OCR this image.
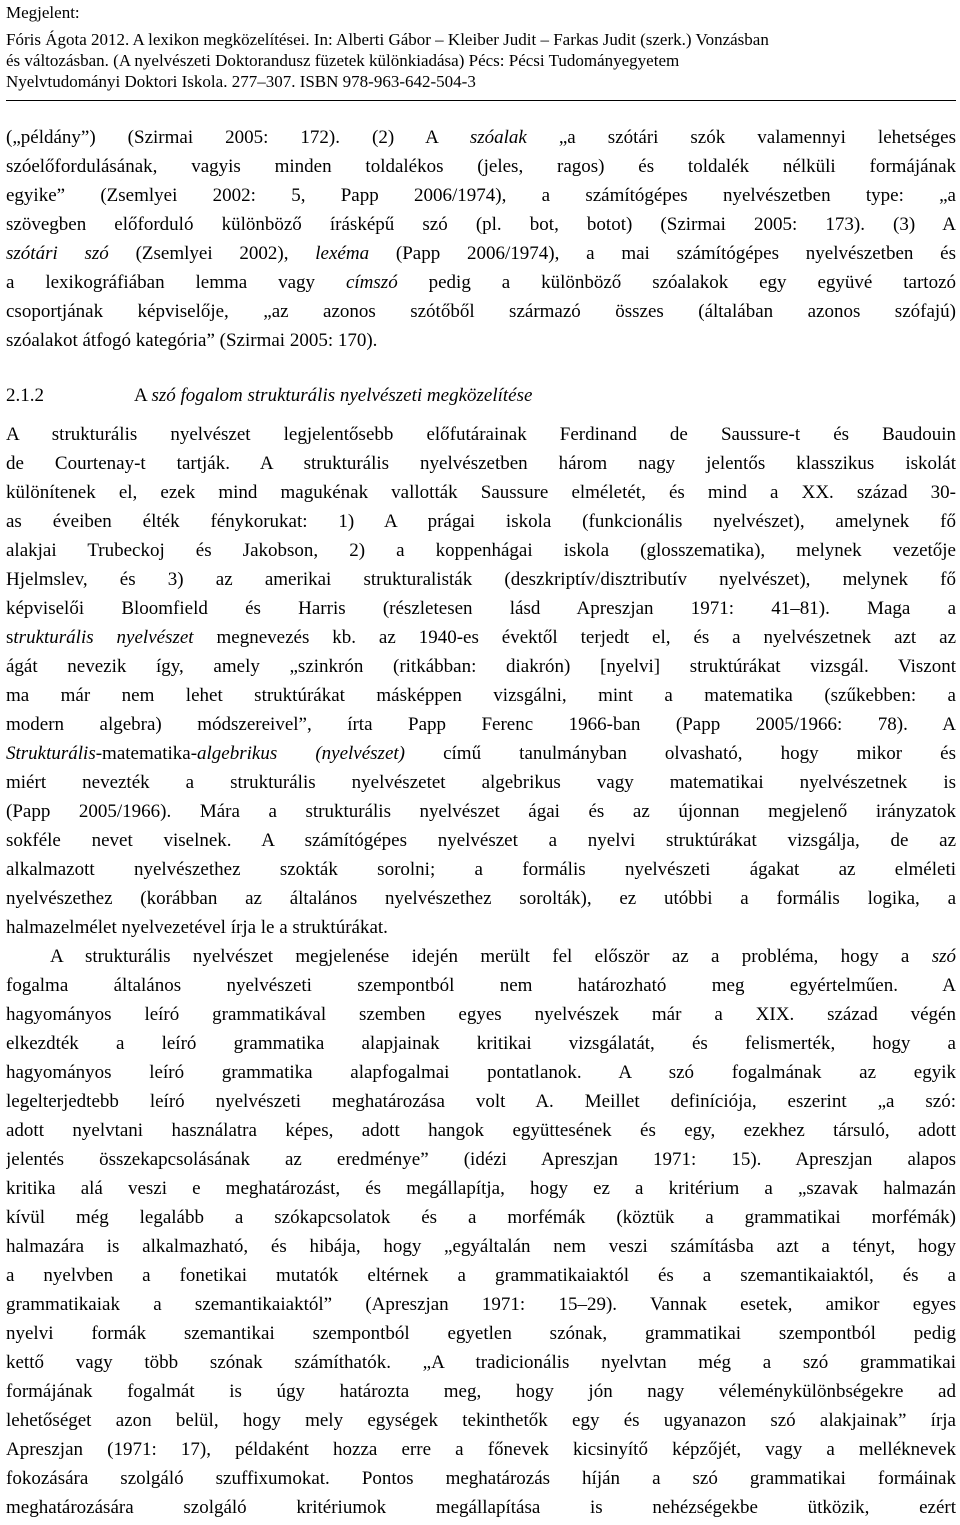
Megjelent:
Fóris Ágota 2012. A lexikon megközelítései. In: Alberti Gábor – Kleiber Judit – Farkas Judit (szerk.) Vonzásban
és változásban. (A nyelvészeti Doktorandusz füzetek különkiadása) Pécs: Pécsi Tudományegyetem
Nyelvtudományi Doktori Iskola. 277–307. ISBN 978-963-642-504-3
(„példány”) (Szirmai 2005: 172). (2) A szóalak „a szótári szók valamennyi lehetséges
szóelőfordulásának, vagyis minden toldalékos (jeles, ragos) és toldalék nélküli formájának
egyike” (Zsemlyei 2002: 5, Papp 2006/1974), a számítógépes nyelvészetben type: „a
szövegben előforduló különböző írásképű szó (pl. bot, botot) (Szirmai 2005: 173). (3) A
szótári szó (Zsemlyei 2002), lexéma (Papp 2006/1974), a mai számítógépes nyelvészetben és
a lexikográfiában lemma vagy címszó pedig a különböző szóalakok egy együvé tartozó
csoportjának képviselője, „az azonos szótőből származó összes (általában azonos szófajú)
szóalakot átfogó kategória” (Szirmai 2005: 170).
2.1.2	A szó fogalom strukturális nyelvészeti megközelítése
A strukturális nyelvészet legjelentősebb előfutárainak Ferdinand de Saussure-t és Baudouin
de Courtenay-t tartják. A strukturális nyelvészetben három nagy jelentős klasszikus iskolát
különítenek el, ezek mind magukénak vallották Saussure elméletét, és mind a XX. század 30-
as éveiben élték fénykorukat: 1) A prágai iskola (funkcionális nyelvészet), amelynek fő
alakjai Trubeckoj és Jakobson, 2) a koppenhágai iskola (glosszematika), melynek vezetője
Hjelmslev, és 3) az amerikai strukturalisták (deszkriptív/disztributív nyelvészet), melynek fő
képviselői Bloomfield és Harris (részletesen lásd Apreszjan 1971: 41–81). Maga a
strukturális nyelvészet megnevezés kb. az 1940-es évektől terjedt el, és a nyelvészetnek azt az
ágát nevezik így, amely „szinkrón (ritkábban: diakrón) [nyelvi] struktúrákat vizsgál. Viszont
ma már nem lehet struktúrákat másképpen vizsgálni, mint a matematika (szűkebben: a
modern algebra) módszereivel”, írta Papp Ferenc 1966-ban (Papp 2005/1966: 78). A
Strukturális-matematika-algebrikus (nyelvészet) című tanulmányban olvasható, hogy mikor és
miért nevezték a strukturális nyelvészetet algebrikus vagy matematikai nyelvészetnek is
(Papp 2005/1966). Mára a strukturális nyelvészet ágai és az újonnan megjelenő irányzatok
sokféle nevet viselnek. A számítógépes nyelvészet a nyelvi struktúrákat vizsgálja, de az
alkalmazott nyelvészethez szokták sorolni; a formális nyelvészeti ágakat az elméleti
nyelvészethez (korábban az általános nyelvészethez sorolták), ez utóbbi a formális logika, a
halmazelmélet nyelvezetével írja le a struktúrákat.
A strukturális nyelvészet megjelenése idején merült fel először az a probléma, hogy a szó
fogalma általános nyelvészeti szempontból nem határozható meg egyértelműen. A
hagyományos leíró grammatikával szemben egyes nyelvészek már a XIX. század végén
elkezdték a leíró grammatika alapjainak kritikai vizsgálatát, és felismerték, hogy a
hagyományos leíró grammatika alapfogalmai pontatlanok. A szó fogalmának az egyik
legelterjedtebb leíró nyelvészeti meghatározása volt A. Meillet definíciója, eszerint „a szó:
adott nyelvtani használatra képes, adott hangok együttesének és egy, ezekhez társuló, adott
jelentés összekapcsolásának az eredménye” (idézi Apreszjan 1971: 15). Apreszjan alapos
kritika alá veszi e meghatározást, és megállapítja, hogy ez a kritérium a „szavak halmazán
kívül még legalább a szókapcsolatok és a morfémák (köztük a grammatikai morfémák)
halmazára is alkalmazható, és hibája, hogy „egyáltalán nem veszi számításba azt a tényt, hogy
a nyelvben a fonetikai mutatók eltérnek a grammatikaiaktól és a szemantikaiaktól, és a
grammatikaiak a szemantikaiaktól” (Apreszjan 1971: 15–29). Vannak esetek, amikor egyes
nyelvi formák szemantikai szempontból egyetlen szónak, grammatikai szempontból pedig
kettő vagy több szónak számíthatók. „A tradicionális nyelvtan még a szó grammatikai
formájának fogalmát is úgy határozta meg, hogy jón nagy véleménykülönbségekre ad
lehetőséget azon belül, hogy mely egységek tekinthetők egy és ugyanazon szó alakjainak” írja
Apreszjan (1971: 17), példaként hozza erre a főnevek kicsinyítő képzőjét, vagy a melléknevek
fokozására szolgáló szuffixumokat. Pontos meghatározás híján a szó grammatikai formáinak
meghatározására szolgáló kritériumok megállapítása is nehézségekbe ütközik, ezért
